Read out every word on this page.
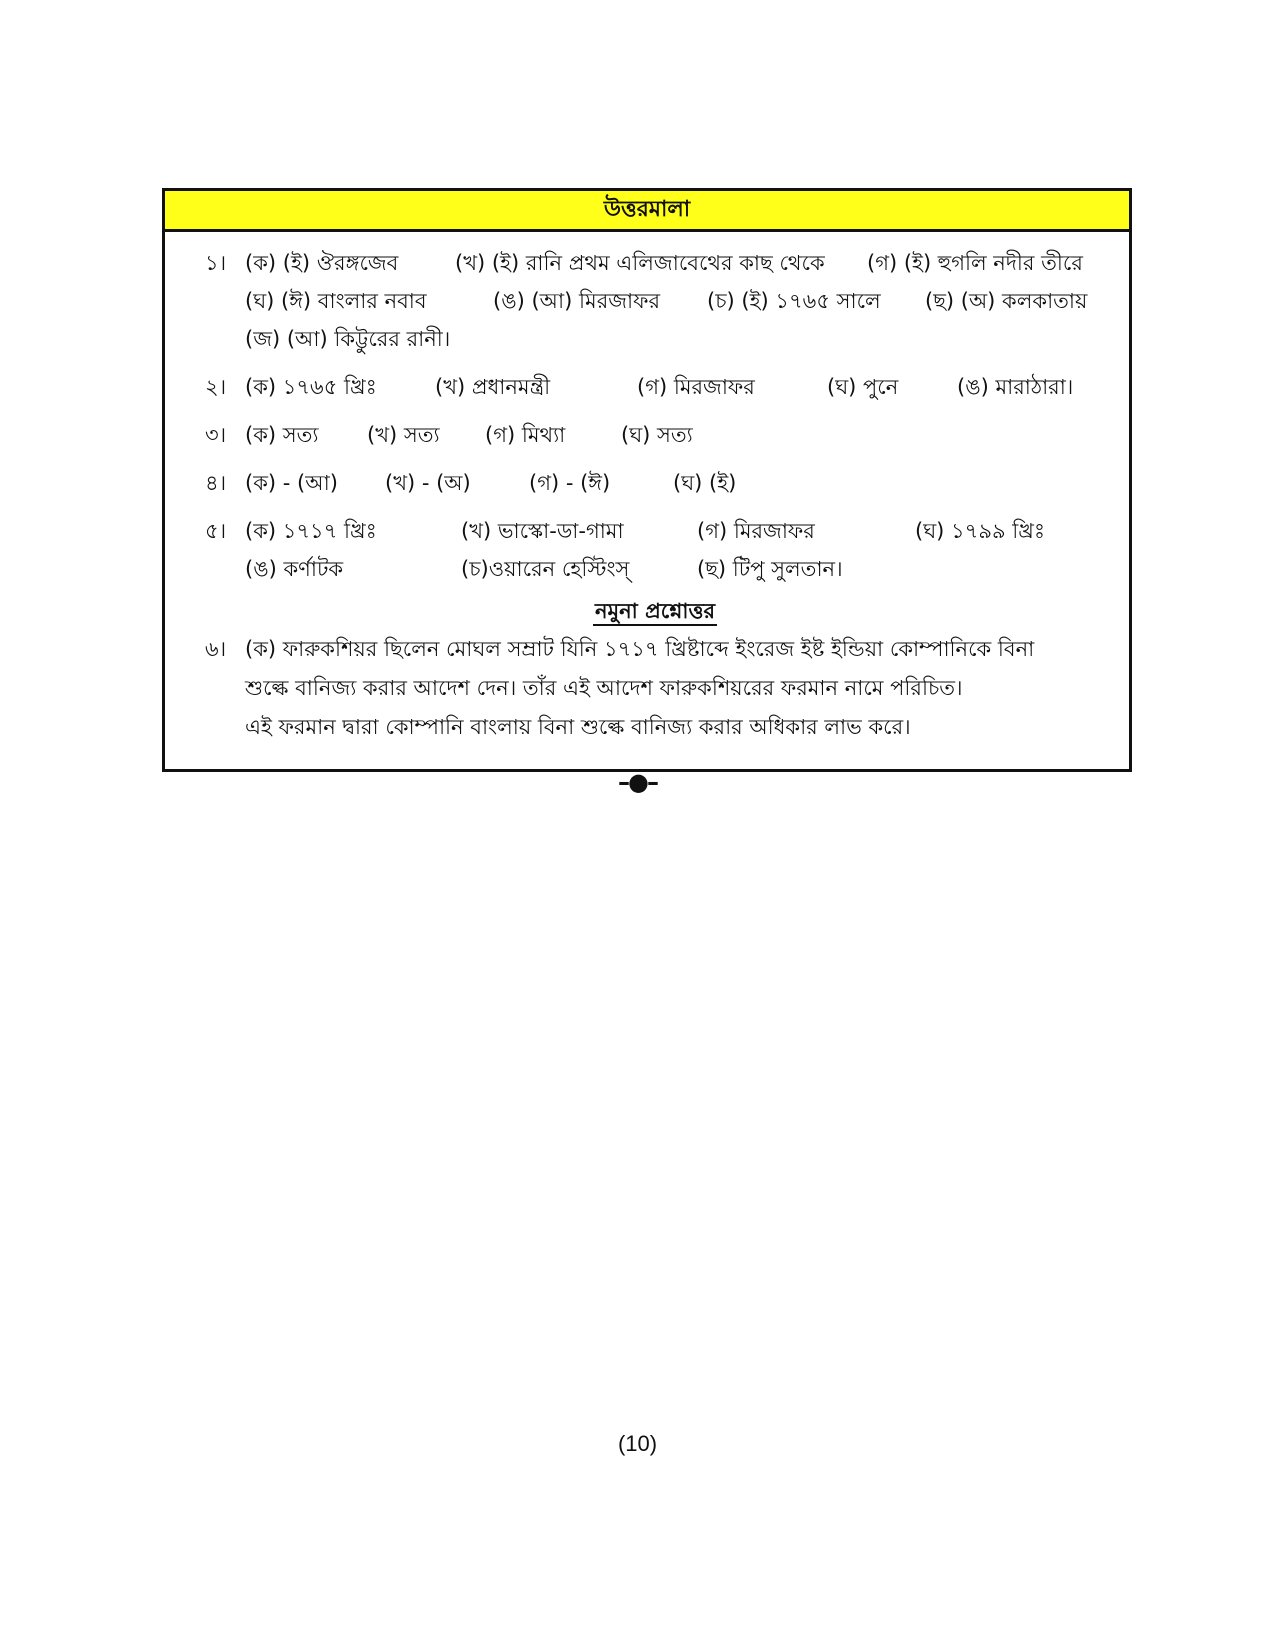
উত্তরমালা
১। (ক) (ই) ঔরঙ্গজেব	(খ) (ই) রানি প্রথম এলিজাবেথের কাছ থেকে (গ) (ই) হুগলি নদীর তীরে
(ঘ) (ঈ) বাংলার নবাব	(ঙ) (আ) মিরজাফর (চ) (ই) ১৭৬৫ সালে (ছ) (অ) কলকাতায়
(জ) (আ) কিট্টুরের রানী।
২। (ক) ১৭৬৫ খ্রিঃ	(খ) প্রধানমন্ত্রী	(গ) মিরজাফর	(ঘ) পুনে	(ঙ) মারাঠারা।
৩। (ক) সত্য (খ) সত্য (গ) মিথ্যা	(ঘ) সত্য
৪। (ক) - (আ) (খ) - (অ)	(গ) - (ঈ)	(ঘ) (ই)
৫। (ক) ১৭১৭ খ্রিঃ	(খ) ভাস্কো-ডা-গামা	(গ) মিরজাফর	(ঘ) ১৭৯৯ খ্রিঃ
(ঙ) কর্ণাটক	(চ)ওয়ারেন হেস্টিংস্	(ছ) টিপু সুলতান।
নমুনা প্রশ্নোত্তর
৬। (ক) ফারুকশিয়র ছিলেন মোঘল সম্রাট যিনি ১৭১৭ খ্রিষ্টাব্দে ইংরেজ ইষ্ট ইন্ডিয়া কোম্পানিকে বিনা
শুল্কে বানিজ্য করার আদেশ দেন। তাঁর এই আদেশ ফারুকশিয়রের ফরমান নামে পরিচিত।
এই ফরমান দ্বারা কোম্পানি বাংলায় বিনা শুল্কে বানিজ্য করার অধিকার লাভ করে।
–●–
(10)
